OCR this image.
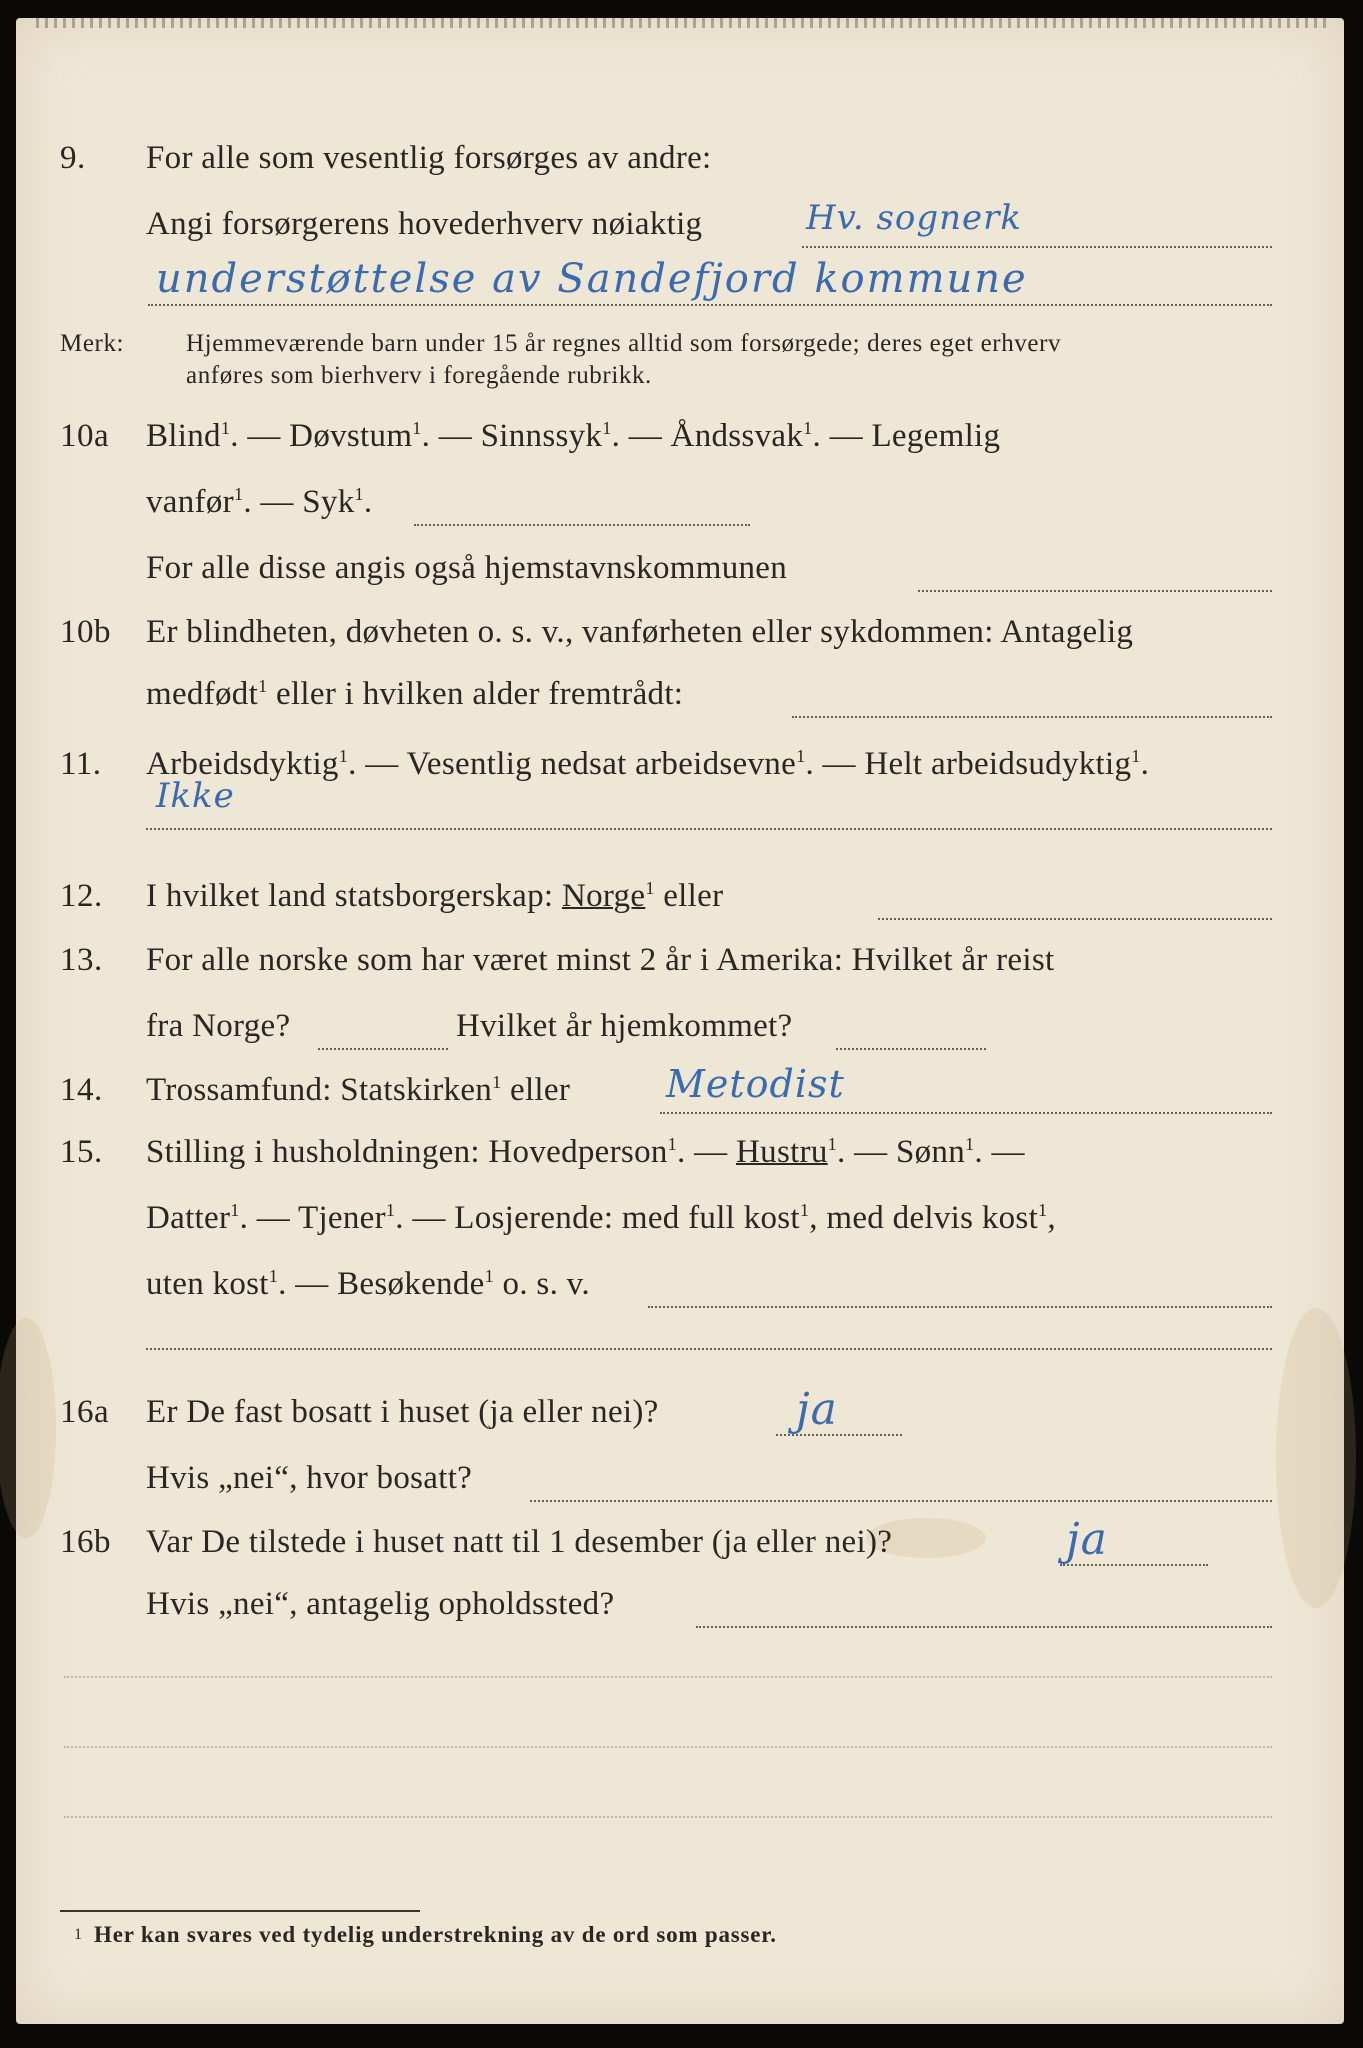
9. For alle som vesentlig forsørges av andre:
Angi forsørgerens hovederhverv nøiaktig	Hv. sognerk
understøttelse av Sandefjord kommune
Merk: Hjemmeværende barn under 15 år regnes alltid som forsørgede; deres eget erhverv
anføres som bierhverv i foregående rubrikk.
10a Blind$^1$. — Døvstum$^1$. — Sinnssyk$^1$. — Åndssvak$^1$. — Legemlig
vanfør$^1$. — Syk$^1$.
For alle disse angis også hjemstavnskommunen
10b Er blindheten, døvheten o. s. v., vanførheten eller sykdommen: Antagelig
medfødt$^1$ eller i hvilken alder fremtrådt:
11. Arbeidsdyktig$^1$. — Vesentlig nedsat arbeidsevne$^1$. — Helt arbeidsudyktig$^1$.
Ikke
12. I hvilket land statsborgerskap: Norge$^1$ eller
13. For alle norske som har været minst 2 år i Amerika: Hvilket år reist
fra Norge?	Hvilket år hjemkommet?
14. Trossamfund: Statskirken$^1$ eller	Metodist
15. Stilling i husholdningen: Hovedperson$^1$. — Hustru$^1$. — Sønn$^1$. —
Datter$^1$. — Tjener$^1$. — Losjerende: med full kost$^1$, med delvis kost$^1$,
uten kost$^1$. — Besøkende$^1$ o. s. v.
16a Er De fast bosatt i huset (ja eller nei)?	ja
Hvis „nei“, hvor bosatt?
16b Var De tilstede i huset natt til 1 desember (ja eller nei)?	ja
Hvis „nei“, antagelig opholdssted?
1 Her kan svares ved tydelig understrekning av de ord som passer.
